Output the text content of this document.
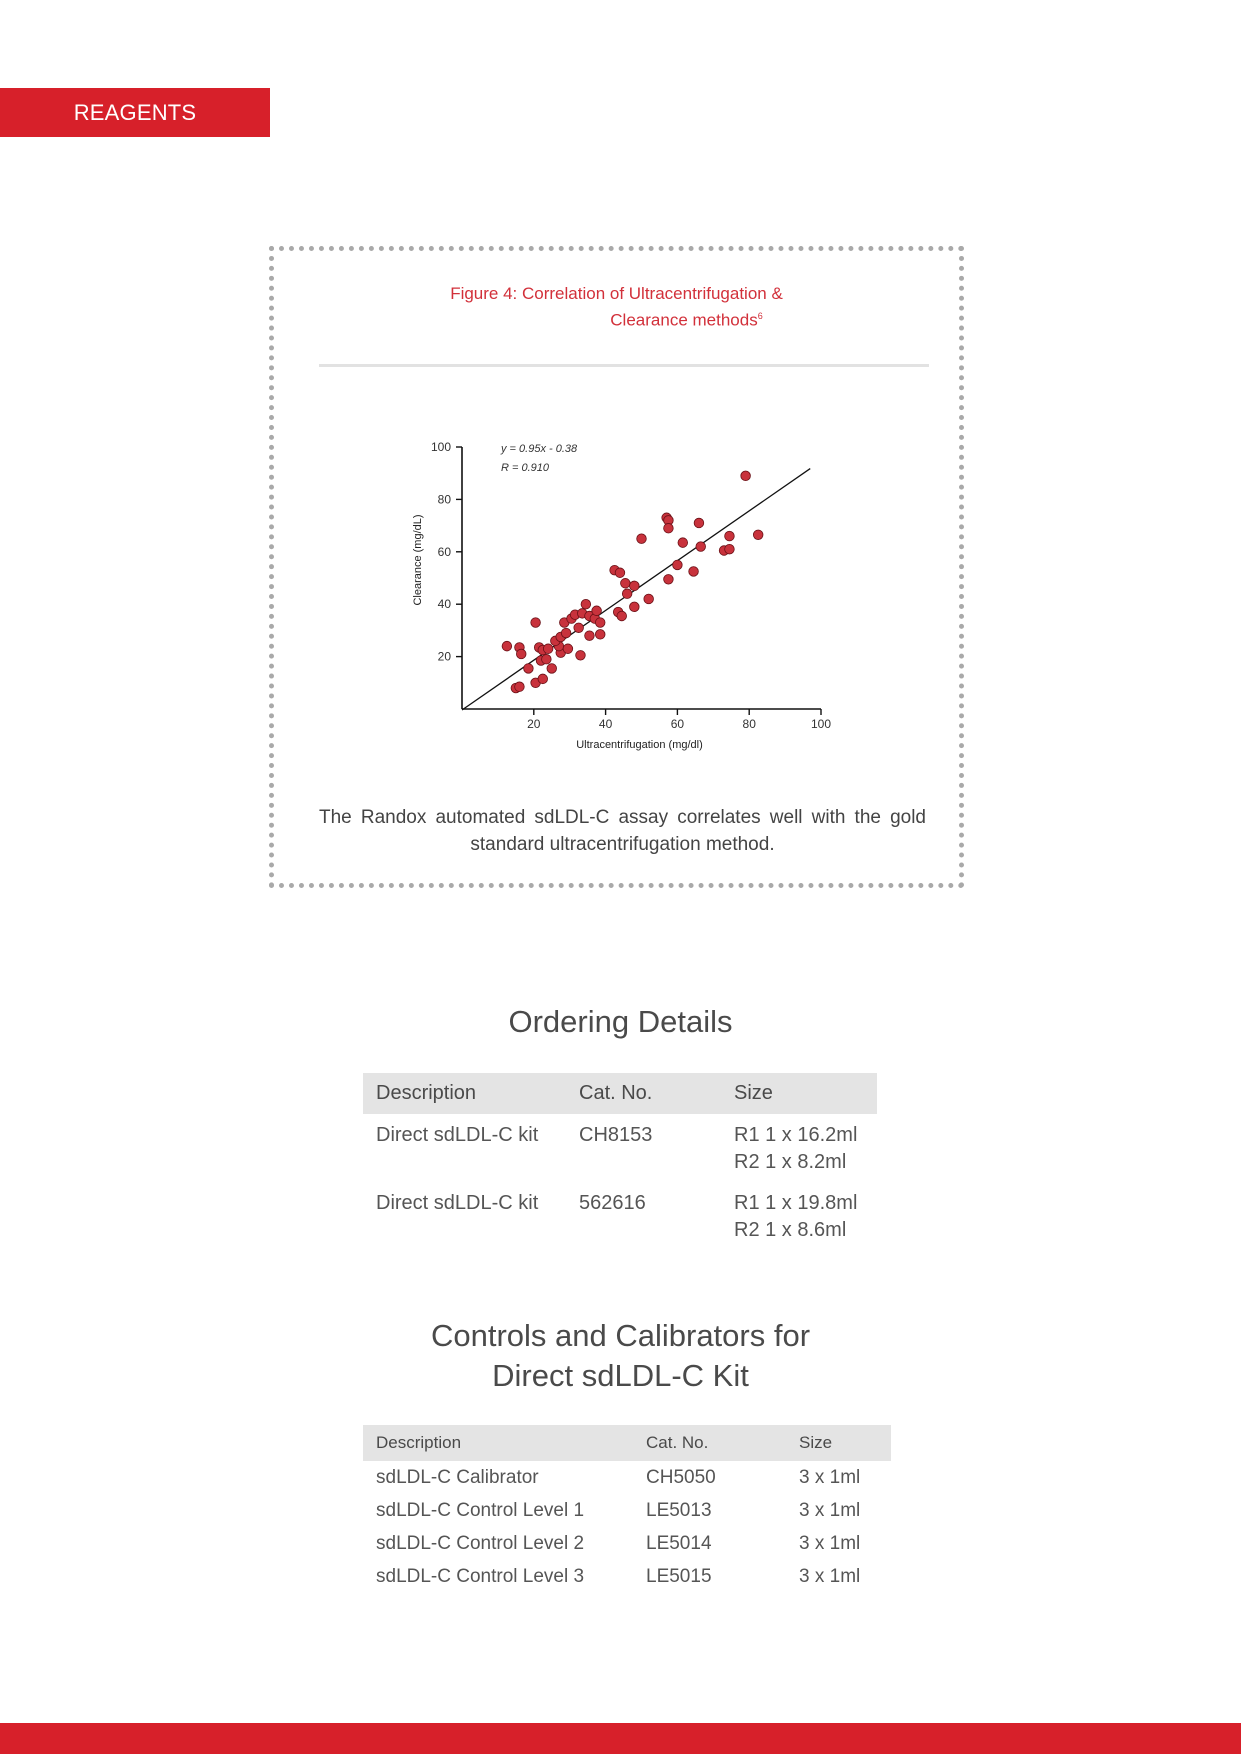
REAGENTS
Figure 4: Correlation of Ultracentrifugation &
Clearance methods$^6$
20	40	60	80	100
20
40
60
80
100	y = 0.95x - 0.38
R = 0.910
Ultracentrifugation (mg/dl)
Clearance (mg/dL)
The Randox automated sdLDL-C assay correlates well with the gold standard ultracentrifugation method.
Ordering Details
Description	Cat. No.	Size
Direct sdLDL-C kit	CH8153	R1 1 x 16.2ml
R2 1 x 8.2ml

Direct sdLDL-C kit	562616	R1 1 x 19.8ml
R2 1 x 8.6ml
Controls and Calibrators for
Direct sdLDL-C Kit
Description	Cat. No.	Size
sdLDL-C Calibrator	CH5050	3 x 1ml
sdLDL-C Control Level 1	LE5013	3 x 1ml
sdLDL-C Control Level 2	LE5014	3 x 1ml
sdLDL-C Control Level 3	LE5015	3 x 1ml
